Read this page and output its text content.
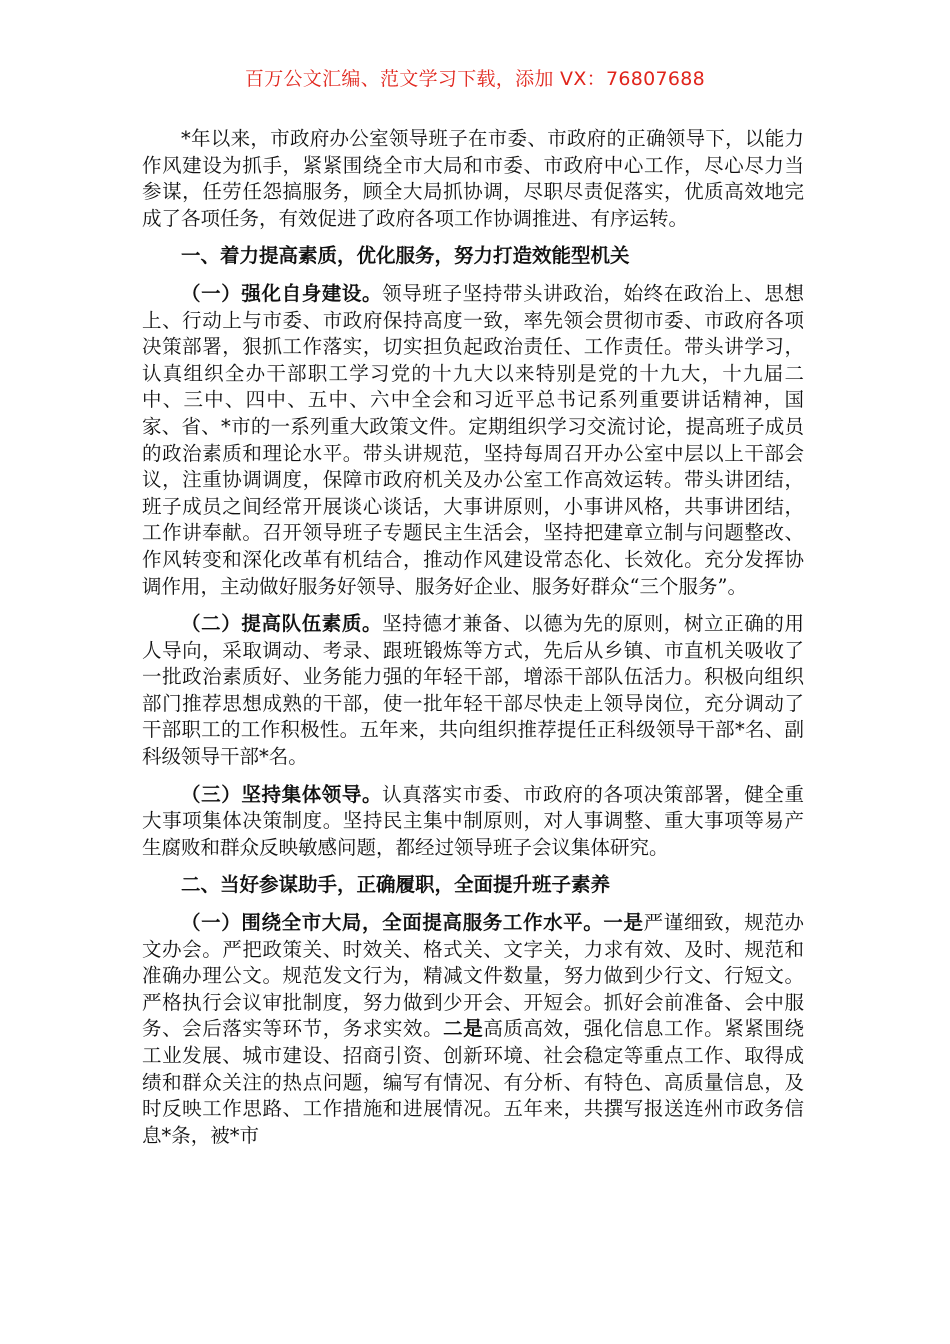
百万公文汇编、范文学习下载，添加 VX：76807688

*年以来，市政府办公室领导班子在市委、市政府的正确领导下，以能力作风建设为抓手，紧紧围绕全市大局和市委、市政府中心工作，尽心尽力当参谋，任劳任怨搞服务，顾全大局抓协调，尽职尽责促落实，优质高效地完成了各项任务，有效促进了政府各项工作协调推进、有序运转。

一、着力提高素质，优化服务，努力打造效能型机关

（一）强化自身建设。领导班子坚持带头讲政治，始终在政治上、思想上、行动上与市委、市政府保持高度一致，率先领会贯彻市委、市政府各项决策部署，狠抓工作落实，切实担负起政治责任、工作责任。带头讲学习，认真组织全办干部职工学习党的十九大以来特别是党的十九大，十九届二中、三中、四中、五中、六中全会和习近平总书记系列重要讲话精神，国家、省、*市的一系列重大政策文件。定期组织学习交流讨论，提高班子成员的政治素质和理论水平。带头讲规范，坚持每周召开办公室中层以上干部会议，注重协调调度，保障市政府机关及办公室工作高效运转。带头讲团结，班子成员之间经常开展谈心谈话，大事讲原则，小事讲风格，共事讲团结，工作讲奉献。召开领导班子专题民主生活会，坚持把建章立制与问题整改、作风转变和深化改革有机结合，推动作风建设常态化、长效化。充分发挥协调作用，主动做好服务好领导、服务好企业、服务好群众“三个服务”。

（二）提高队伍素质。坚持德才兼备、以德为先的原则，树立正确的用人导向，采取调动、考录、跟班锻炼等方式，先后从乡镇、市直机关吸收了一批政治素质好、业务能力强的年轻干部，增添干部队伍活力。积极向组织部门推荐思想成熟的干部，使一批年轻干部尽快走上领导岗位，充分调动了干部职工的工作积极性。五年来，共向组织推荐提任正科级领导干部*名、副科级领导干部*名。

（三）坚持集体领导。认真落实市委、市政府的各项决策部署，健全重大事项集体决策制度。坚持民主集中制原则，对人事调整、重大事项等易产生腐败和群众反映敏感问题，都经过领导班子会议集体研究。

二、当好参谋助手，正确履职，全面提升班子素养

（一）围绕全市大局，全面提高服务工作水平。一是严谨细致，规范办文办会。严把政策关、时效关、格式关、文字关，力求有效、及时、规范和准确办理公文。规范发文行为，精减文件数量，努力做到少行文、行短文。严格执行会议审批制度，努力做到少开会、开短会。抓好会前准备、会中服务、会后落实等环节，务求实效。二是高质高效，强化信息工作。紧紧围绕工业发展、城市建设、招商引资、创新环境、社会稳定等重点工作、取得成绩和群众关注的热点问题，编写有情况、有分析、有特色、高质量信息，及时反映工作思路、工作措施和进展情况。五年来，共撰写报送连州市政务信息*条，被*市
